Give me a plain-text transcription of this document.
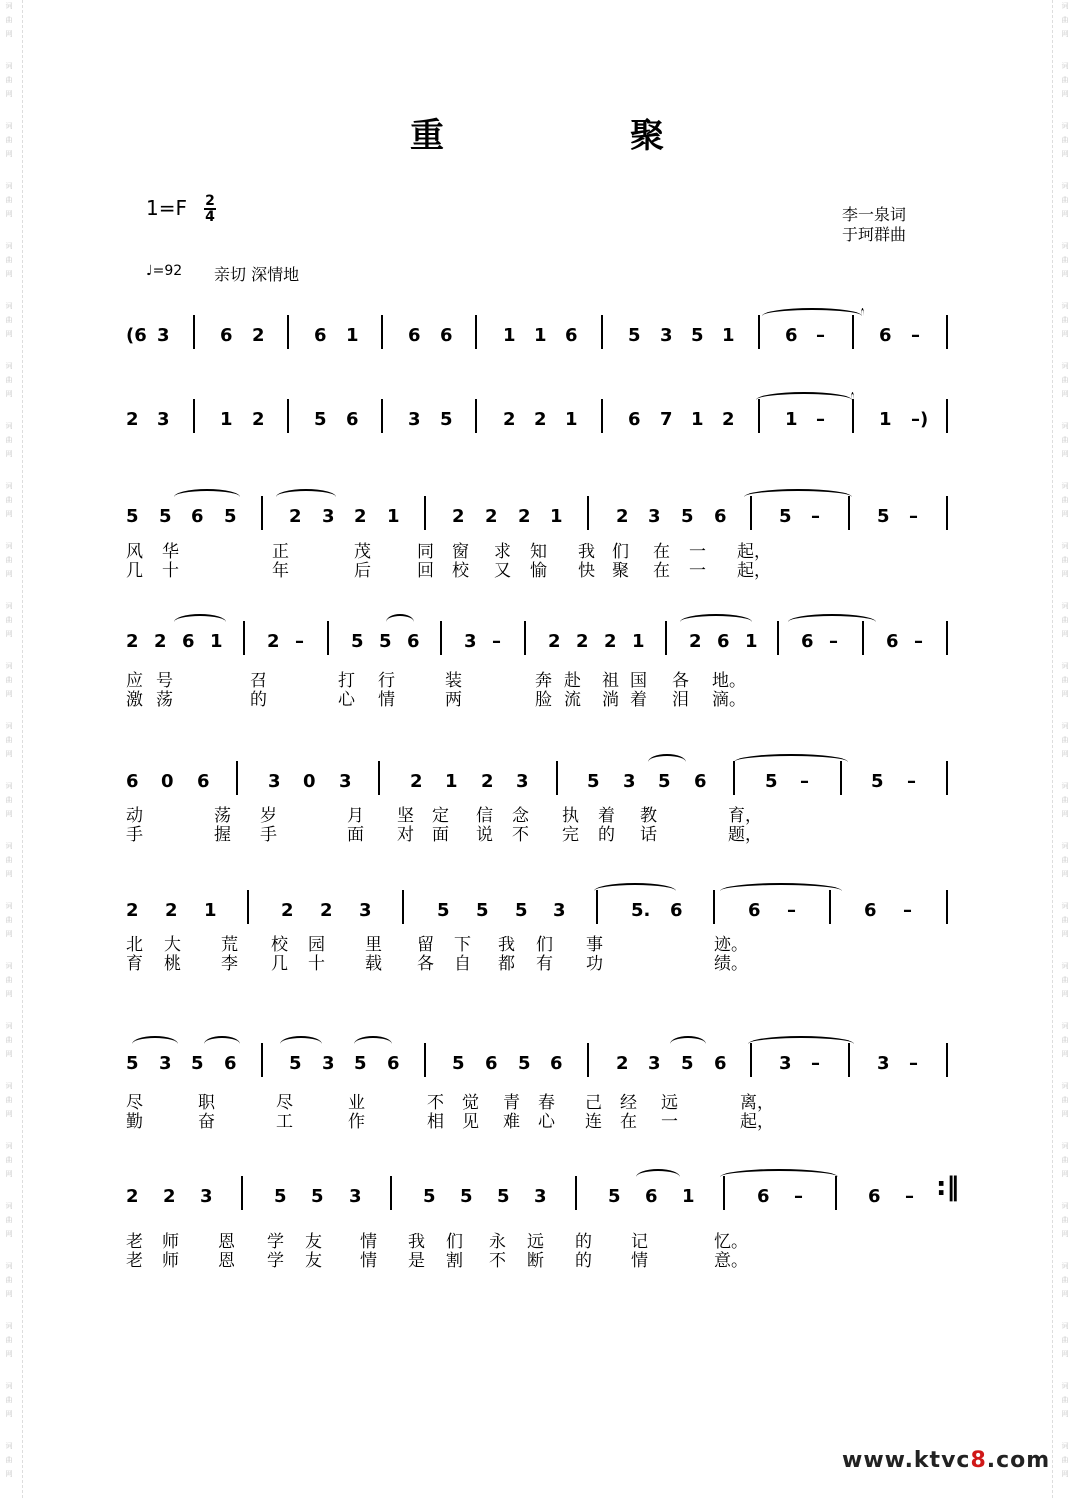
词
曲
网
词
曲
网
词
曲
网
词
曲
网
词
曲
网
词
曲
网
词
曲
网
词
曲
网
词
曲
网
词
曲
网
词
曲
网
词
曲
网
词
曲
网
词
曲
网
词
曲
网
词
曲
网
词
曲
网
词
曲
网
词
曲
网
词
曲
网
词
曲
网
词
曲
网
词
曲
网
词
曲
网
词
曲
网
词
曲
网
词
曲
网
词
曲
网
词
曲
网
词
曲
网
词
曲
网
词
曲
网
词
曲
网
词
曲
网
词
曲
网
词
曲
网
词
曲
网
词
曲
网
词
曲
网
词
曲
网
词
曲
网
词
曲
网
词
曲
网
词
曲
网
词
曲
网
词
曲
网
词
曲
网
词
曲
网
词
曲
网
词
曲
网
重	聚
1=F 2
4	李一泉词
于珂群曲
♩=92 亲切 深情地
(6 3	6 2	6 1	6 6	1 1 6	5 3 5 1	6 –	6 –
2 3	1 2	5 6	3 5	2 2 1	6 7 1 2	1 –	1 –)
5 5 6 5	2 3 2 1	2 2 2 1	2 3 5 6	5 –	5 –
风 华	正	茂	同 窗 求 知 我 们 在 一 起，
几 十	年	后	回 校 又 愉 快 聚 在 一 起，
2 2 6 1 2 –	5 5 6 3 –	2 2 2 1 2 6 1 6 –	6 –
应 号	召	打 行	装	奔 赴 祖 国 各 地。
激 荡	的	心 情	两	脸 流 淌 着 泪 滴。
6 0 6	3 0 3	2 1 2 3	5 3 5 6	5 –	5 –
动	荡 岁	月 坚 定 信 念 执 着 教	育，
手	握 手	面 对 面 说 不 完 的 话	题，
2 2 1	2 2 3	5 5 5 3	5. 6	6 –	6 –
北 大 荒 校 园 里 留 下 我 们 事	迹。
育 桃 李 几 十 载 各 自 都 有 功	绩。
5 3 5 6	5 3 5 6	5 6 5 6	2 3 5 6	3 –	3 –
尽	职	尽	业	不 觉 青 春 己 经 远	离，
勤	奋	工	作	相 见 难 心 连 在 一	起，
2 2 3	5 5 3	5 5 5 3	5 6 1	6 –	6 – :‖
老 师 恩 学 友 情 我 们 永 远 的 记	忆。
老 师 恩 学 友 情 是 割 不 断 的 情	意。
www.ktvc8.com
